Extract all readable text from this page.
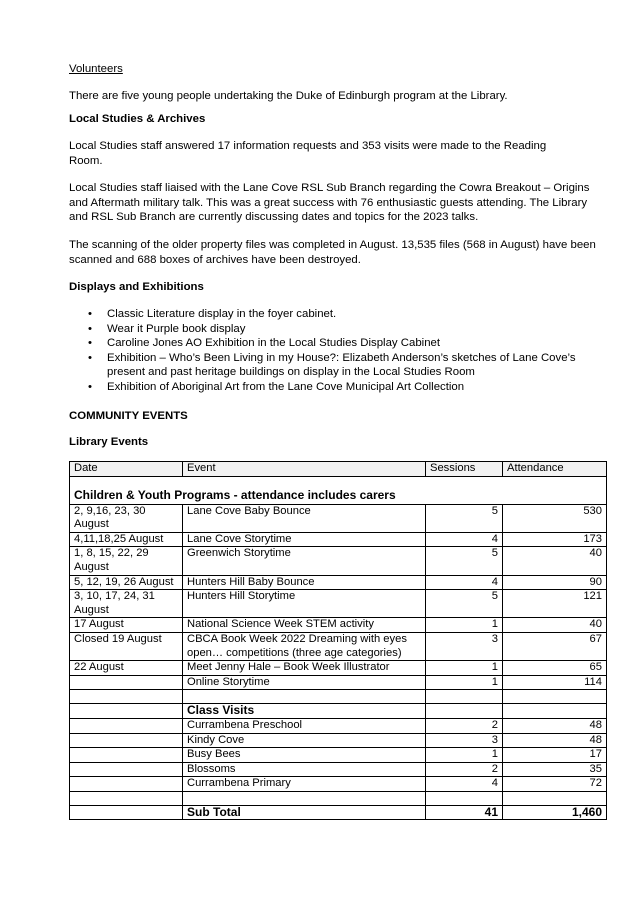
Volunteers

There are five young people undertaking the Duke of Edinburgh program at the Library.

Local Studies & Archives

Local Studies staff answered 17 information requests and 353 visits were made to the Reading Room.

Local Studies staff liaised with the Lane Cove RSL Sub Branch regarding the Cowra Breakout – Origins and Aftermath military talk. This was a great success with 76 enthusiastic guests attending. The Library and RSL Sub Branch are currently discussing dates and topics for the 2023 talks.

The scanning of the older property files was completed in August. 13,535 files (568 in August) have been scanned and 688 boxes of archives have been destroyed.

Displays and Exhibitions

• Classic Literature display in the foyer cabinet.
• Wear it Purple book display
• Caroline Jones AO Exhibition in the Local Studies Display Cabinet
• Exhibition – Who’s Been Living in my House?: Elizabeth Anderson’s sketches of Lane Cove’s present and past heritage buildings on display in the Local Studies Room
• Exhibition of Aboriginal Art from the Lane Cove Municipal Art Collection

COMMUNITY EVENTS

Library Events

Date	Event	Sessions	Attendance
Children & Youth Programs - attendance includes carers			
2, 9,16, 23, 30 August	Lane Cove Baby Bounce	5	530
4,11,18,25 August	Lane Cove Storytime	4	173
1, 8, 15, 22, 29 August	Greenwich Storytime	5	40
5, 12, 19, 26 August	Hunters Hill Baby Bounce	4	90
3, 10, 17, 24, 31 August	Hunters Hill Storytime	5	121
17 August	National Science Week STEM activity	1	40
Closed 19 August	CBCA Book Week 2022 Dreaming with eyes open… competitions (three age categories)	3	67
22 August	Meet Jenny Hale – Book Week Illustrator	1	65
	Online Storytime	1	114

	Class Visits		
	Currambena Preschool	2	48
	Kindy Cove	3	48
	Busy Bees	1	17
	Blossoms	2	35
	Currambena Primary	4	72

	Sub Total	41	1,460
